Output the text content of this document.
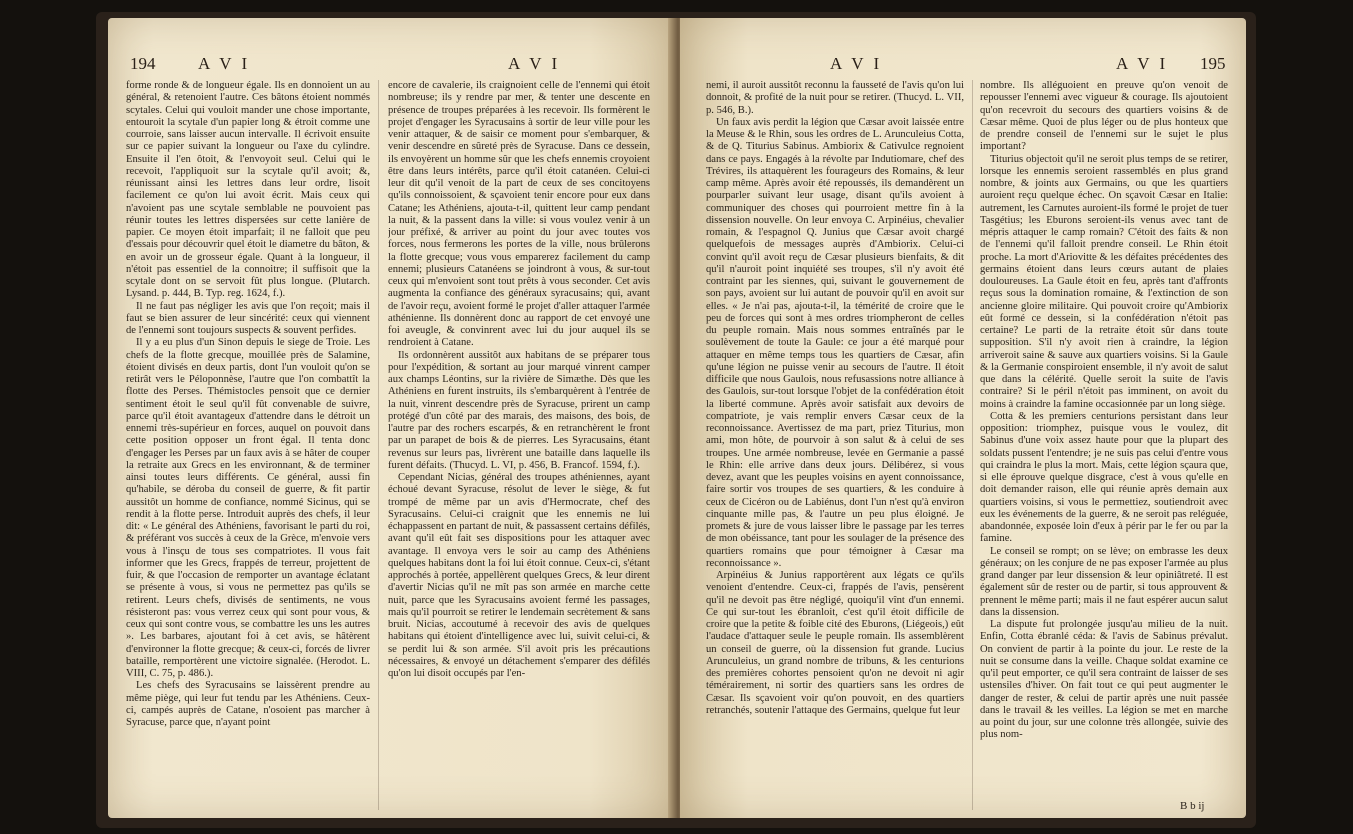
194	A V I	A V I

forme ronde & de longueur égale. Ils en donnoient un au général, & retenoient l'autre. Ces bâtons étoient nommés scytales. Celui qui vouloit mander une chose importante, entouroit la scytale d'un papier long & étroit comme une courroie, sans laisser aucun intervalle. Il écrivoit ensuite sur ce papier suivant la longueur ou l'axe du cylindre. Ensuite il l'en ôtoit, & l'envoyoit seul. Celui qui le recevoit, l'appliquoit sur la scytale qu'il avoit; &, réunissant ainsi les lettres dans leur ordre, lisoit facilement ce qu'on lui avoit écrit. Mais ceux qui n'avoient pas une scytale semblable ne pouvoient pas réunir toutes les lettres dispersées sur cette lanière de papier. Ce moyen étoit imparfait; il ne falloit que peu d'essais pour découvrir quel étoit le diametre du bâton, & en avoir un de grosseur égale. Quant à la longueur, il n'étoit pas essentiel de la connoitre; il suffisoit que la scytale dont on se servoit fût plus longue. (Plutarch. Lysand. p. 444, B. Typ. reg. 1624, f.).

Il ne faut pas négliger les avis que l'on reçoit; mais il faut se bien assurer de leur sincérité: ceux qui viennent de l'ennemi sont toujours suspects & souvent perfides.

Il y a eu plus d'un Sinon depuis le siege de Troie. Les chefs de la flotte grecque, mouillée près de Salamine, étoient divisés en deux partis, dont l'un vouloit qu'on se retirât vers le Péloponnèse, l'autre que l'on combattît la flotte des Perses. Thémistocles pensoit que ce dernier sentiment étoit le seul qu'il fût convenable de suivre, parce qu'il étoit avantageux d'attendre dans le détroit un ennemi très-supérieur en forces, auquel on pouvoit dans cette position opposer un front égal. Il tenta donc d'engager les Perses par un faux avis à se hâter de couper la retraite aux Grecs en les environnant, & de terminer ainsi toutes leurs différents. Ce général, aussi fin qu'habile, se déroba du conseil de guerre, & fit partir aussitôt un homme de confiance, nommé Sicinus, qui se rendit à la flotte perse. Introduit auprès des chefs, il leur dit: « Le général des Athéniens, favorisant le parti du roi, & préférant vos succès à ceux de la Grèce, m'envoie vers vous à l'insçu de tous ses compatriotes. Il vous fait informer que les Grecs, frappés de terreur, projettent de fuir, & que l'occasion de remporter un avantage éclatant se présente à vous, si vous ne permettez pas qu'ils se retirent. Leurs chefs, divisés de sentiments, ne vous résisteront pas: vous verrez ceux qui sont pour vous, & ceux qui sont contre vous, se combattre les uns les autres ». Les barbares, ajoutant foi à cet avis, se hâtèrent d'environner la flotte grecque; & ceux-ci, forcés de livrer bataille, remportèrent une victoire signalée. (Herodot. L. VIII, C. 75, p. 486.).

Les chefs des Syracusains se laissèrent prendre au même piège, qui leur fut tendu par les Athéniens. Ceux-ci, campés auprès de Catane, n'osoient pas marcher à Syracuse, parce que, n'ayant point

encore de cavalerie, ils craignoient celle de l'ennemi qui étoit nombreuse; ils y rendre par mer, & tenter une descente en présence de troupes préparées à les recevoir. Ils formèrent le projet d'engager les Syracusains à sortir de leur ville pour les venir attaquer, & de saisir ce moment pour s'embarquer, & venir descendre en sûreté près de Syracuse. Dans ce dessein, ils envoyèrent un homme sûr que les chefs ennemis croyoient être dans leurs intérêts, parce qu'il étoit catanéen. Celui-ci leur dit qu'il venoit de la part de ceux de ses concitoyens qu'ils connoissoient, & sçavoient tenir encore pour eux dans Catane; les Athéniens, ajouta-t-il, quittent leur camp pendant la nuit, & la passent dans la ville: si vous voulez venir à un jour préfixé, & arriver au point du jour avec toutes vos forces, nous fermerons les portes de la ville, nous brûlerons la flotte grecque; vous vous emparerez facilement du camp ennemi; plusieurs Catanéens se joindront à vous, & sur-tout ceux qui m'envoient sont tout prêts à vous seconder. Cet avis augmenta la confiance des généraux syracusains; qui, avant de l'avoir reçu, avoient formé le projet d'aller attaquer l'armée athénienne. Ils donnèrent donc au rapport de cet envoyé une foi aveugle, & convinrent avec lui du jour auquel ils se rendroient à Catane.

Ils ordonnèrent aussitôt aux habitans de se préparer tous pour l'expédition, & sortant au jour marqué vinrent camper aux champs Léontins, sur la rivière de Simæthe. Dès que les Athéniens en furent instruits, ils s'embarquèrent à l'entrée de la nuit, vinrent descendre près de Syracuse, prirent un camp protégé d'un côté par des marais, des maisons, des bois, de l'autre par des rochers escarpés, & en retranchèrent le front par un parapet de bois & de pierres. Les Syracusains, étant revenus sur leurs pas, livrèrent une bataille dans laquelle ils furent défaits. (Thucyd. L. VI, p. 456, B. Francof. 1594, f.).

Cependant Nicias, général des troupes athéniennes, ayant échoué devant Syracuse, résolut de lever le siège, & fut trompé de même par un avis d'Hermocrate, chef des Syracusains. Celui-ci craignit que les ennemis ne lui échappassent en partant de nuit, & passassent certains défilés, avant qu'il eût fait ses dispositions pour les attaquer avec avantage. Il envoya vers le soir au camp des Athéniens quelques habitans dont la foi lui étoit connue. Ceux-ci, s'étant approchés à portée, appellèrent quelques Grecs, & leur dirent d'avertir Nicias qu'il ne mît pas son armée en marche cette nuit, parce que les Syracusains avoient fermé les passages, mais qu'il pourroit se retirer le lendemain secrètement & sans bruit. Nicias, accoutumé à recevoir des avis de quelques habitans qui étoient d'intelligence avec lui, suivit celui-ci, & se perdit lui & son armée. S'il avoit pris les précautions nécessaires, & envoyé un détachement s'emparer des défilés qu'on lui disoit occupés par l'en-

A V I	A V I 195

nemi, il auroit aussitôt reconnu la fausseté de l'avis qu'on lui donnoit, & profité de la nuit pour se retirer. (Thucyd. L. VII, p. 546, B.).

Un faux avis perdit la légion que Cæsar avoit laissée entre la Meuse & le Rhin, sous les ordres de L. Arunculeius Cotta, & de Q. Titurius Sabinus. Ambiorix & Cativulce regnoient dans ce pays. Engagés à la révolte par Indutiomare, chef des Trévires, ils attaquèrent les fourageurs des Romains, & leur camp même. Après avoir été repoussés, ils demandèrent un pourparler suivant leur usage, disant qu'ils avoient à communiquer des choses qui pourroient mettre fin à la dissension nouvelle. On leur envoya C. Arpinéius, chevalier romain, & l'espagnol Q. Junius que Cæsar avoit chargé quelquefois de messages auprès d'Ambiorix. Celui-ci convint qu'il avoit reçu de Cæsar plusieurs bienfaits, & dit qu'il n'auroit point inquiété ses troupes, s'il n'y avoit été contraint par les siennes, qui, suivant le gouvernement de son pays, avoient sur lui autant de pouvoir qu'il en avoit sur elles. « Je n'ai pas, ajouta-t-il, la témérité de croire que le peu de forces qui sont à mes ordres triompheront de celles du peuple romain. Mais nous sommes entraînés par le soulèvement de toute la Gaule: ce jour a été marqué pour attaquer en même temps tous les quartiers de Cæsar, afin qu'une légion ne puisse venir au secours de l'autre. Il étoit difficile que nous Gaulois, nous refusassions notre alliance à des Gaulois, sur-tout lorsque l'objet de la confédération étoit la liberté commune. Après avoir satisfait aux devoirs de compatriote, je vais remplir envers Cæsar ceux de la reconnoissance. Avertissez de ma part, priez Titurius, mon ami, mon hôte, de pourvoir à son salut & à celui de ses troupes. Une armée nombreuse, levée en Germanie a passé le Rhin: elle arrive dans deux jours. Délibérez, si vous devez, avant que les peuples voisins en ayent connoissance, faire sortir vos troupes de ses quartiers, & les conduire à ceux de Cicéron ou de Labiénus, dont l'un n'est qu'à environ cinquante mille pas, & l'autre un peu plus éloigné. Je promets & jure de vous laisser libre le passage par les terres de mon obéissance, tant pour les soulager de la présence des quartiers romains que pour témoigner à Cæsar ma reconnoissance ».

Arpinéius & Junius rapportèrent aux légats ce qu'ils venoient d'entendre. Ceux-ci, frappés de l'avis, pensèrent qu'il ne devoit pas être négligé, quoiqu'il vînt d'un ennemi. Ce qui sur-tout les ébranloit, c'est qu'il étoit difficile de croire que la petite & foible cité des Eburons, (Liégeois,) eût l'audace d'attaquer seule le peuple romain. Ils assemblèrent un conseil de guerre, où la dissension fut grande. Lucius Arunculeius, un grand nombre de tribuns, & les centurions des premières cohortes pensoient qu'on ne devoit ni agir témérairement, ni sortir des quartiers sans les ordres de Cæsar. Ils sçavoient voir qu'on pouvoit, en des quartiers retranchés, soutenir l'attaque des Germains, quelque fut leur

nombre. Ils alléguoient en preuve qu'on venoit de repousser l'ennemi avec vigueur & courage. Ils ajoutoient qu'on recevroit du secours des quartiers voisins & de Cæsar même. Quoi de plus léger ou de plus honteux que de prendre conseil de l'ennemi sur le sujet le plus important?

Titurius objectoit qu'il ne seroit plus temps de se retirer, lorsque les ennemis seroient rassemblés en plus grand nombre, & joints aux Germains, ou que les quartiers auroient reçu quelque échec. On sçavoit Cæsar en Italie: autrement, les Carnutes auroient-ils formé le projet de tuer Tasgétius; les Eburons seroient-ils venus avec tant de mépris attaquer le camp romain? C'étoit des faits & non de l'ennemi qu'il falloit prendre conseil. Le Rhin étoit proche. La mort d'Ariovitte & les défaites précédentes des germains étoient dans leurs cœurs autant de plaies douloureuses. La Gaule étoit en feu, après tant d'affronts reçus sous la domination romaine, & l'extinction de son ancienne gloire militaire. Qui pouvoit croire qu'Ambiorix eût formé ce dessein, si la confédération n'étoit pas certaine? Le parti de la retraite étoit sûr dans toute supposition. S'il n'y avoit rien à craindre, la légion arriveroit saine & sauve aux quartiers voisins. Si la Gaule & la Germanie conspiroient ensemble, il n'y avoit de salut que dans la célérité. Quelle seroit la suite de l'avis contraire? Si le péril n'étoit pas imminent, on avoit du moins à craindre la famine occasionnée par un long siège.

Cotta & les premiers centurions persistant dans leur opposition: triomphez, puisque vous le voulez, dit Sabinus d'une voix assez haute pour que la plupart des soldats pussent l'entendre; je ne suis pas celui d'entre vous qui craindra le plus la mort. Mais, cette légion sçaura que, si elle éprouve quelque disgrace, c'est à vous qu'elle en doit demander raison, elle qui réunie après demain aux quartiers voisins, si vous le permettiez, soutiendroit avec eux les événements de la guerre, & ne seroit pas reléguée, abandonnée, exposée loin d'eux à périr par le fer ou par la famine.

Le conseil se rompt; on se lève; on embrasse les deux généraux; on les conjure de ne pas exposer l'armée au plus grand danger par leur dissension & leur opiniâtreté. Il est également sûr de rester ou de partir, si tous approuvent & prennent le même parti; mais il ne faut espérer aucun salut dans la dissension.

La dispute fut prolongée jusqu'au milieu de la nuit. Enfin, Cotta ébranlé céda: & l'avis de Sabinus prévalut. On convient de partir à la pointe du jour. Le reste de la nuit se consume dans la veille. Chaque soldat examine ce qu'il peut emporter, ce qu'il sera contraint de laisser de ses ustensiles d'hiver. On fait tout ce qui peut augmenter le danger de rester, & celui de partir après une nuit passée dans le travail & les veilles. La légion se met en marche au point du jour, sur une colonne très allongée, suivie des plus nom-

B b ij
